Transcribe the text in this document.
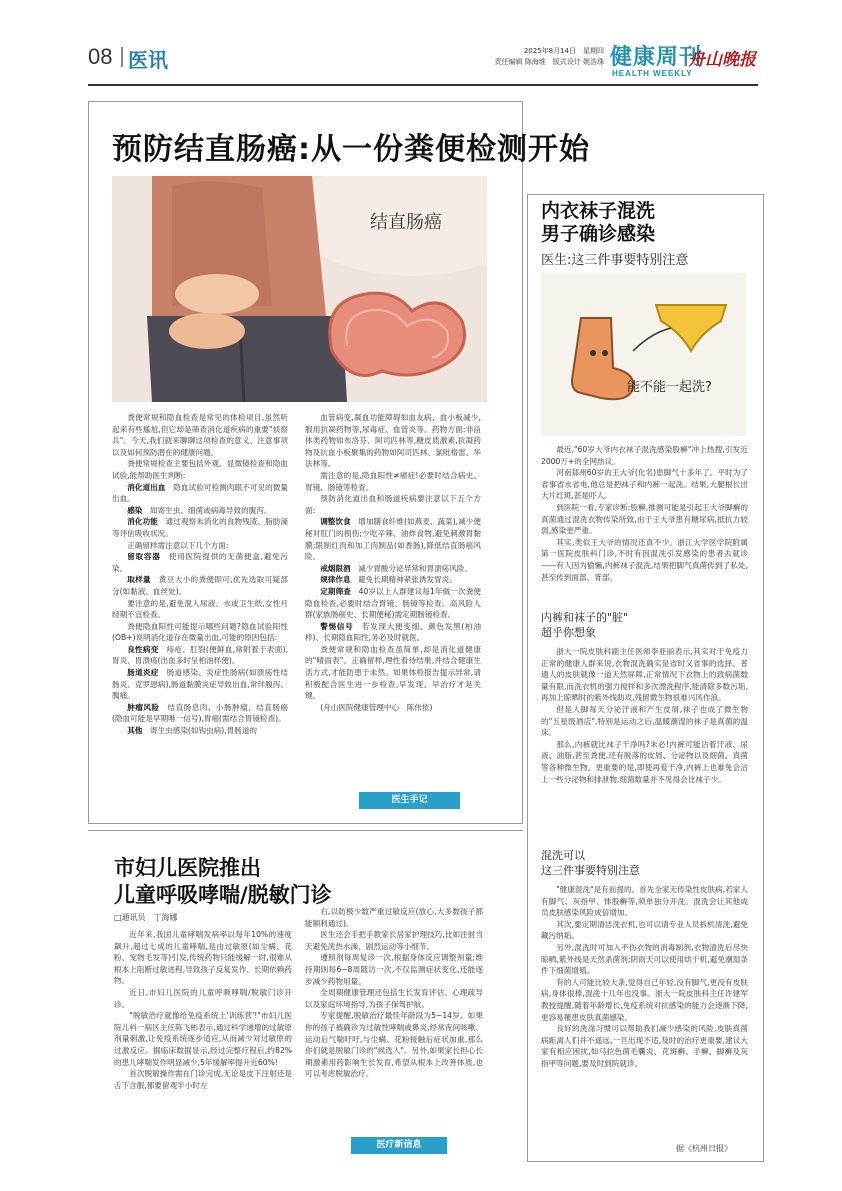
08 医讯	2025年8月14日　星期四
责任编辑 陈海维　版式设计 姚浩珠 健康周刊
HEALTH WEEKLY
舟山晚报
预防结直肠癌:从一份粪便检测开始
结直肠癌

粪便常规和隐血检查是常见的体检项目,虽然听起来有些尴尬,但它却是筛查消化道疾病的重要"侦察兵"。今天,我们就来聊聊这项检查的意义、注意事项以及如何预防潜在的健康问题。

粪便常规检查主要包括外观、显微镜检查和隐血试验,能帮助医生判断:

消化道出血　隐血试验可检测肉眼不可见的微量出血。

感染　如寄生虫、细菌或病毒导致的腹泻。

消化功能　通过观察未消化的食物残渣、脂肪滴等评估吸收状况。

正确留样需注意以下几个方面:

留取容器　使用医院提供的无菌便盒,避免污染。

取样量　黄豆大小的粪便即可,优先选取可疑部分(如黏液、血丝处)。

要注意的是,避免混入尿液、水或卫生纸,女性月经期不宜检查。

粪便隐血阳性可能提示哪些问题?隐血试验阳性(OB+)说明消化道存在微量出血,可能的原因包括:

良性病变　痔疮、肛裂(便鲜血,常附着于表面),胃炎、胃溃疡(出血多时呈柏油样便)。

肠道炎症　肠道感染、炎症性肠病(如溃疡性结肠炎、克罗恩病),肠道黏膜炎症导致出血,常伴腹泻、腹痛。

肿瘤风险　结直肠息肉、小肠肿瘤、结直肠癌(隐血可能是早期唯一信号),胃癌(需结合胃镜检查)。

其他　寄生虫感染(如钩虫病),胃肠道的

血管病变,凝血功能障碍如血友病、血小板减少,服用抗凝药物等,尿毒症、血管炎等。药物方面:非甾体类药物如布洛芬、阿司匹林等,糖皮质激素,抗凝药物及抗血小板聚集的药物如阿司匹林、氯吡格雷、华法林等。

需注意的是,隐血阳性≠癌症!必要时结合病史、胃镜、肠镜等检查。

预防消化道出血和肠道疾病要注意以下五个方面:

调整饮食　增加膳食纤维(如燕麦、蔬菜),减少便秘对肛门的损伤;少吃辛辣、油炸食物,避免刺激胃黏膜;限制红肉和加工肉制品(如香肠),降低结直肠癌风险。

戒烟限酒　减少胃酸分泌异常和胃溃疡风险。

规律作息　避免长期精神紧张诱发胃炎。

定期筛查　40岁以上人群建议每1年做一次粪便隐血检查,必要时结合胃镜、肠镜等检查。高风险人群(家族肠癌史、长期便秘)需定期肠镜检查。

警惕信号　若发现大便变细、颜色发黑(柏油样)、长期隐血阳性,务必及时就医。

粪便常规和隐血检查虽简单,却是消化道健康的"晴雨表"。正确留样,理性看待结果,并结合健康生活方式,才能防患于未然。如果体检报告提示异常,请积极配合医生进一步检查,早发现、早治疗才是关键。

(舟山医院健康管理中心　陈伟依)

医生手记
内衣袜子混洗
男子确诊感染
医生:这三件事要特别注意
能不能一起洗?

最近,"60岁大爷内衣袜子混洗感染股癣"冲上热搜,引发近2000万+的全网热议。

河南郑州60岁的王大爷(化名)患脚气十多年了。平时为了省事省水省电,他总是把袜子和内裤一起洗。结果,大腿根长出大片红斑,甚是吓人。

到医院一看,专家诊断:股癣,推测可能是引起王大爷脚癣的真菌通过混洗衣物传染所致,由于王大爷患有糖尿病,抵抗力较弱,感染更严重。

其实,类似王大爷的情况还真不少。浙江大学医学院附属第一医院皮肤科门诊,不时有因混洗引发感染的患者去就诊——有人因为偷懒,内裤袜子混洗,结果把脚气真菌传到了私处,甚至传到面部、背部。

内裤和袜子的"脏"
超乎你想象

浙大一院皮肤科副主任医师李亚丽表示,其实对于免疫力正常的健康人群来说,衣物混洗确实是省时又省事的选择。普通人的皮肤就像一道天然屏障,正常情况下衣物上的致病菌数量有限,而洗衣机的强力搅拌和多次漂洗程序,能清除多数污垢,再加上晾晒时的紫外线助攻,残留微生物很难兴风作浪。

但是人脚每天分泌汗液和产生皮屑,袜子也成了微生物的"五星级酒店",特别是运动之后,温暖潮湿的袜子是真菌的温床。

那么,内裤就比袜子干净吗?未必!内裤可能沾着汗液、尿液、油脂,甚至粪便,还有脱落的皮屑、分泌物以及细菌、真菌等各种微生物。更重要的是,即使再爱干净,内裤上也难免会沾上一些分泌物和排泄物,细菌数量并不见得会比袜子少。

混洗可以
这三件事要特别注意

"健康混洗"是有前提的。首先全家无传染性皮肤病,若家人有脚气、灰指甲、体股癣等,须单独分开洗。混洗会让其他成员皮肤感染风险成倍增加。

其次,要定期清洁洗衣机,也可以请专业人员拆机清洗,避免藏污纳垢。

另外,混洗时可加入不伤衣物的消毒制剂,衣物清洗后尽快晾晒,紫外线是天然杀菌剂;阴雨天可以使用烘干机,避免潮湿条件下细菌增殖。

有的人可能比较大条,觉得自己年轻,没有脚气,更没有皮肤病,身体很棒,混洗十几年也没事。浙大一院皮肤科主任许建军教授提醒,随着年龄增长,免疫系统对抗感染的能力会逐渐下降,更容易罹患皮肤真菌感染。

良好的洗涤习惯可以帮助我们减少感染的风险,皮肤真菌病距离人们并不遥远,一旦出现不适,及时的治疗更重要,建议大家有相应困扰,如马拉色菌毛囊炎、花斑癣、手癣、脚癣及灰指甲等问题,要及时到院就诊。

据《杭州日报》
市妇儿医院推出
儿童呼吸哮喘/脱敏门诊
□通讯员　丁海娜

近年来,我国儿童哮喘发病率以每年10%的速度飙升,超过七成的儿童哮喘,是由过敏原(如尘螨、花粉、宠物毛发等)引发,传统药物只能缓解一时,很难从根本上阻断过敏进程,导致孩子反复发作、长期依赖药物。

近日,市妇儿医院的儿童呼吸哮喘/脱敏门诊开诊。

"脱敏治疗就像给免疫系统上'训练营'!"市妇儿医院儿科一病区主任陈飞彬表示,通过科学递增的过敏原剂量刺激,让免疫系统逐步适应,从而减少对过敏原的过激反应。据临床数据显示,经过完整疗程后,约82%的患儿哮喘发作明显减少,5年缓解率提升近60%!

首次脱敏操作需在门诊完成,无论是皮下注射还是舌下含服,都要留观半小时左

右,以防极少数严重过敏反应(放心,大多数孩子都能顺利通过)。

医生还会手把手教家长居家护理技巧,比如注射当天避免洗热水澡、剧烈运动等小细节。

遵照剂每周复诊一次,根据身体反应调整剂量;维持期则每6~8周随访一次,不仅监测症状变化,还能逐步减少药物用量。

全周期健康管理还包括生长发育评估、心理疏导以及家庭环境指导,为孩子保驾护航。

专家提醒,脱敏治疗最佳年龄段为5~14岁。如果你的孩子被确诊为过敏性哮喘或鼻炎,经常夜间咳嗽、运动后气喘吁吁,与尘螨、花粉接触后症状加重,那么你们就是脱敏门诊的"候选人"。另外,如果家长担心长期激素用药影响生长发育,希望从根本上改善体质,也可以考虑脱敏治疗。

医疗新信息
